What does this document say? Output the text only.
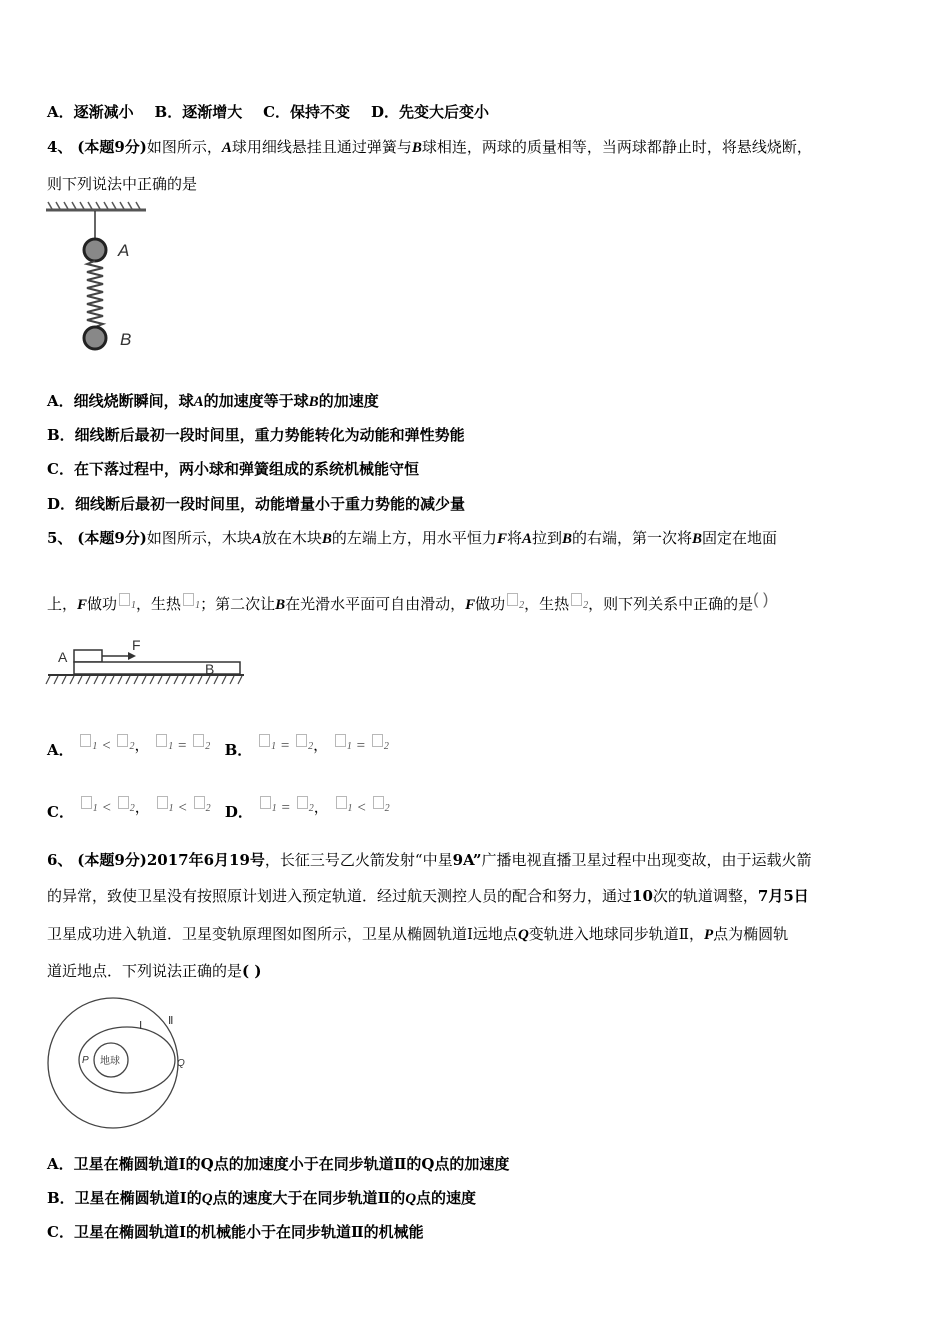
A．逐渐减小 B．逐渐增大 C．保持不变 D．先变大后变小
4、 (本题9分)如图所示，A球用细线悬挂且通过弹簧与B球相连，两球的质量相等，当两球都静止时，将悬线烧断，
则下列说法中正确的是
A
B
A．细线烧断瞬间，球A的加速度等于球B的加速度
B．细线断后最初一段时间里，重力势能转化为动能和弹性势能
C．在下落过程中，两小球和弹簧组成的系统机械能守恒
D．细线断后最初一段时间里，动能增量小于重力势能的减少量
5、 (本题9分)如图所示，木块A放在木块B的左端上方，用水平恒力F将A拉到B的右端，第一次将B固定在地面
上，F做功 1，生热 1；第二次让B在光滑水平面可自由滑动，F做功 2，生热 2，则下列关系中正确的是( )
A
F
B
A． 1 < 2， 1 = 2 B． 1 = 2， 1 = 2
C． 1 < 2， 1 < 2 D． 1 = 2， 1 < 2
6、 (本题9分)2017年6月19号，长征三号乙火箭发射“中星9A”广播电视直播卫星过程中出现变故，由于运载火箭
的异常，致使卫星没有按照原计划进入预定轨道．经过航天测控人员的配合和努力，通过10次的轨道调整，7月5日
卫星成功进入轨道．卫星变轨原理图如图所示，卫星从椭圆轨道Ⅰ远地点Q变轨进入地球同步轨道Ⅱ，P点为椭圆轨
道近地点．下列说法正确的是( )
地球
Ⅰ Ⅱ
P	Q
A．卫星在椭圆轨道Ⅰ的Q点的加速度小于在同步轨道Ⅱ的Q点的加速度
B．卫星在椭圆轨道Ⅰ的Q点的速度大于在同步轨道Ⅱ的Q点的速度
C．卫星在椭圆轨道Ⅰ的机械能小于在同步轨道Ⅱ的机械能
